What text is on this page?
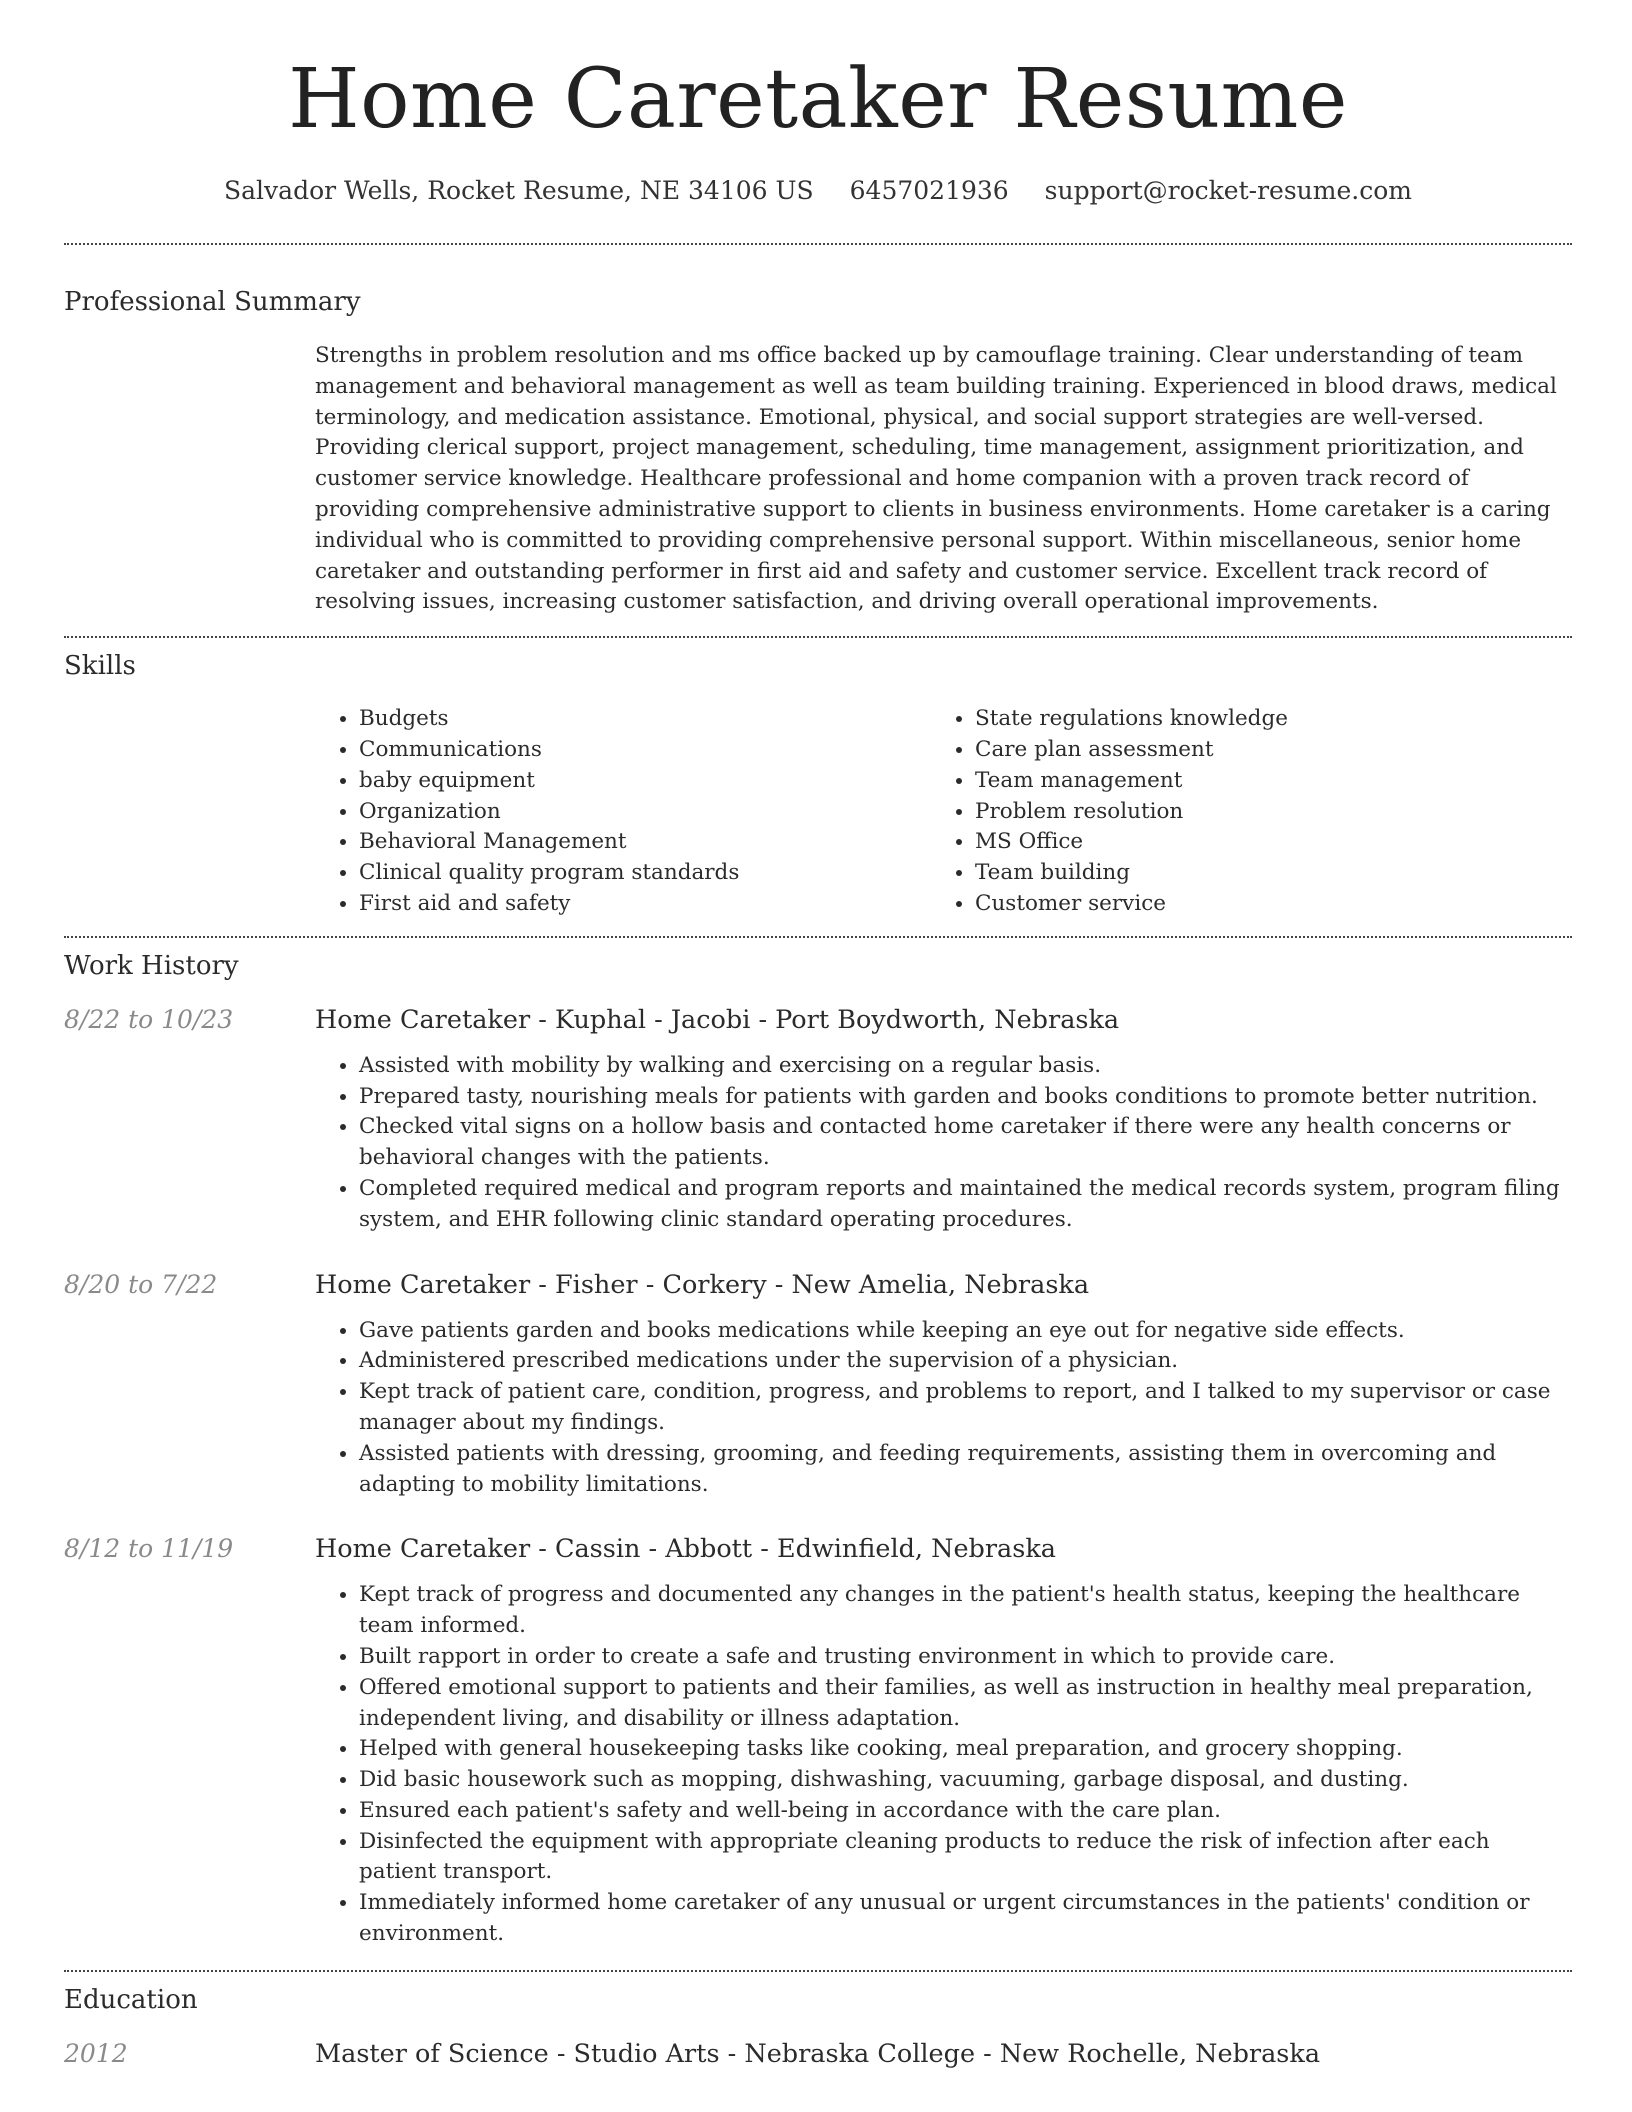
Home Caretaker Resume
Salvador Wells, Rocket Resume, NE 34106 US 6457021936 support@rocket-resume.com
Professional Summary
Strengths in problem resolution and ms office backed up by camouflage training. Clear understanding of team management and behavioral management as well as team building training. Experienced in blood draws, medical terminology, and medication assistance. Emotional, physical, and social support strategies are well-versed. Providing clerical support, project management, scheduling, time management, assignment prioritization, and customer service knowledge. Healthcare professional and home companion with a proven track record of providing comprehensive administrative support to clients in business environments. Home caretaker is a caring individual who is committed to providing comprehensive personal support. Within miscellaneous, senior home caretaker and outstanding performer in first aid and safety and customer service. Excellent track record of resolving issues, increasing customer satisfaction, and driving overall operational improvements.
Skills
• Budgets
• Communications
• baby equipment
• Organization
• Behavioral Management
• Clinical quality program standards
• First aid and safety
• State regulations knowledge
• Care plan assessment
• Team management
• Problem resolution
• MS Office
• Team building
• Customer service
Work History
8/22 to 10/23	Home Caretaker - Kuphal - Jacobi - Port Boydworth, Nebraska
• Assisted with mobility by walking and exercising on a regular basis.
• Prepared tasty, nourishing meals for patients with garden and books conditions to promote better nutrition.
• Checked vital signs on a hollow basis and contacted home caretaker if there were any health concerns or behavioral changes with the patients.
• Completed required medical and program reports and maintained the medical records system, program filing system, and EHR following clinic standard operating procedures.
8/20 to 7/22	Home Caretaker - Fisher - Corkery - New Amelia, Nebraska
• Gave patients garden and books medications while keeping an eye out for negative side effects.
• Administered prescribed medications under the supervision of a physician.
• Kept track of patient care, condition, progress, and problems to report, and I talked to my supervisor or case manager about my findings.
• Assisted patients with dressing, grooming, and feeding requirements, assisting them in overcoming and adapting to mobility limitations.
8/12 to 11/19	Home Caretaker - Cassin - Abbott - Edwinfield, Nebraska
• Kept track of progress and documented any changes in the patient's health status, keeping the healthcare team informed.
• Built rapport in order to create a safe and trusting environment in which to provide care.
• Offered emotional support to patients and their families, as well as instruction in healthy meal preparation, independent living, and disability or illness adaptation.
• Helped with general housekeeping tasks like cooking, meal preparation, and grocery shopping.
• Did basic housework such as mopping, dishwashing, vacuuming, garbage disposal, and dusting.
• Ensured each patient's safety and well-being in accordance with the care plan.
• Disinfected the equipment with appropriate cleaning products to reduce the risk of infection after each patient transport.
• Immediately informed home caretaker of any unusual or urgent circumstances in the patients' condition or environment.
Education
2012	Master of Science - Studio Arts - Nebraska College - New Rochelle, Nebraska
